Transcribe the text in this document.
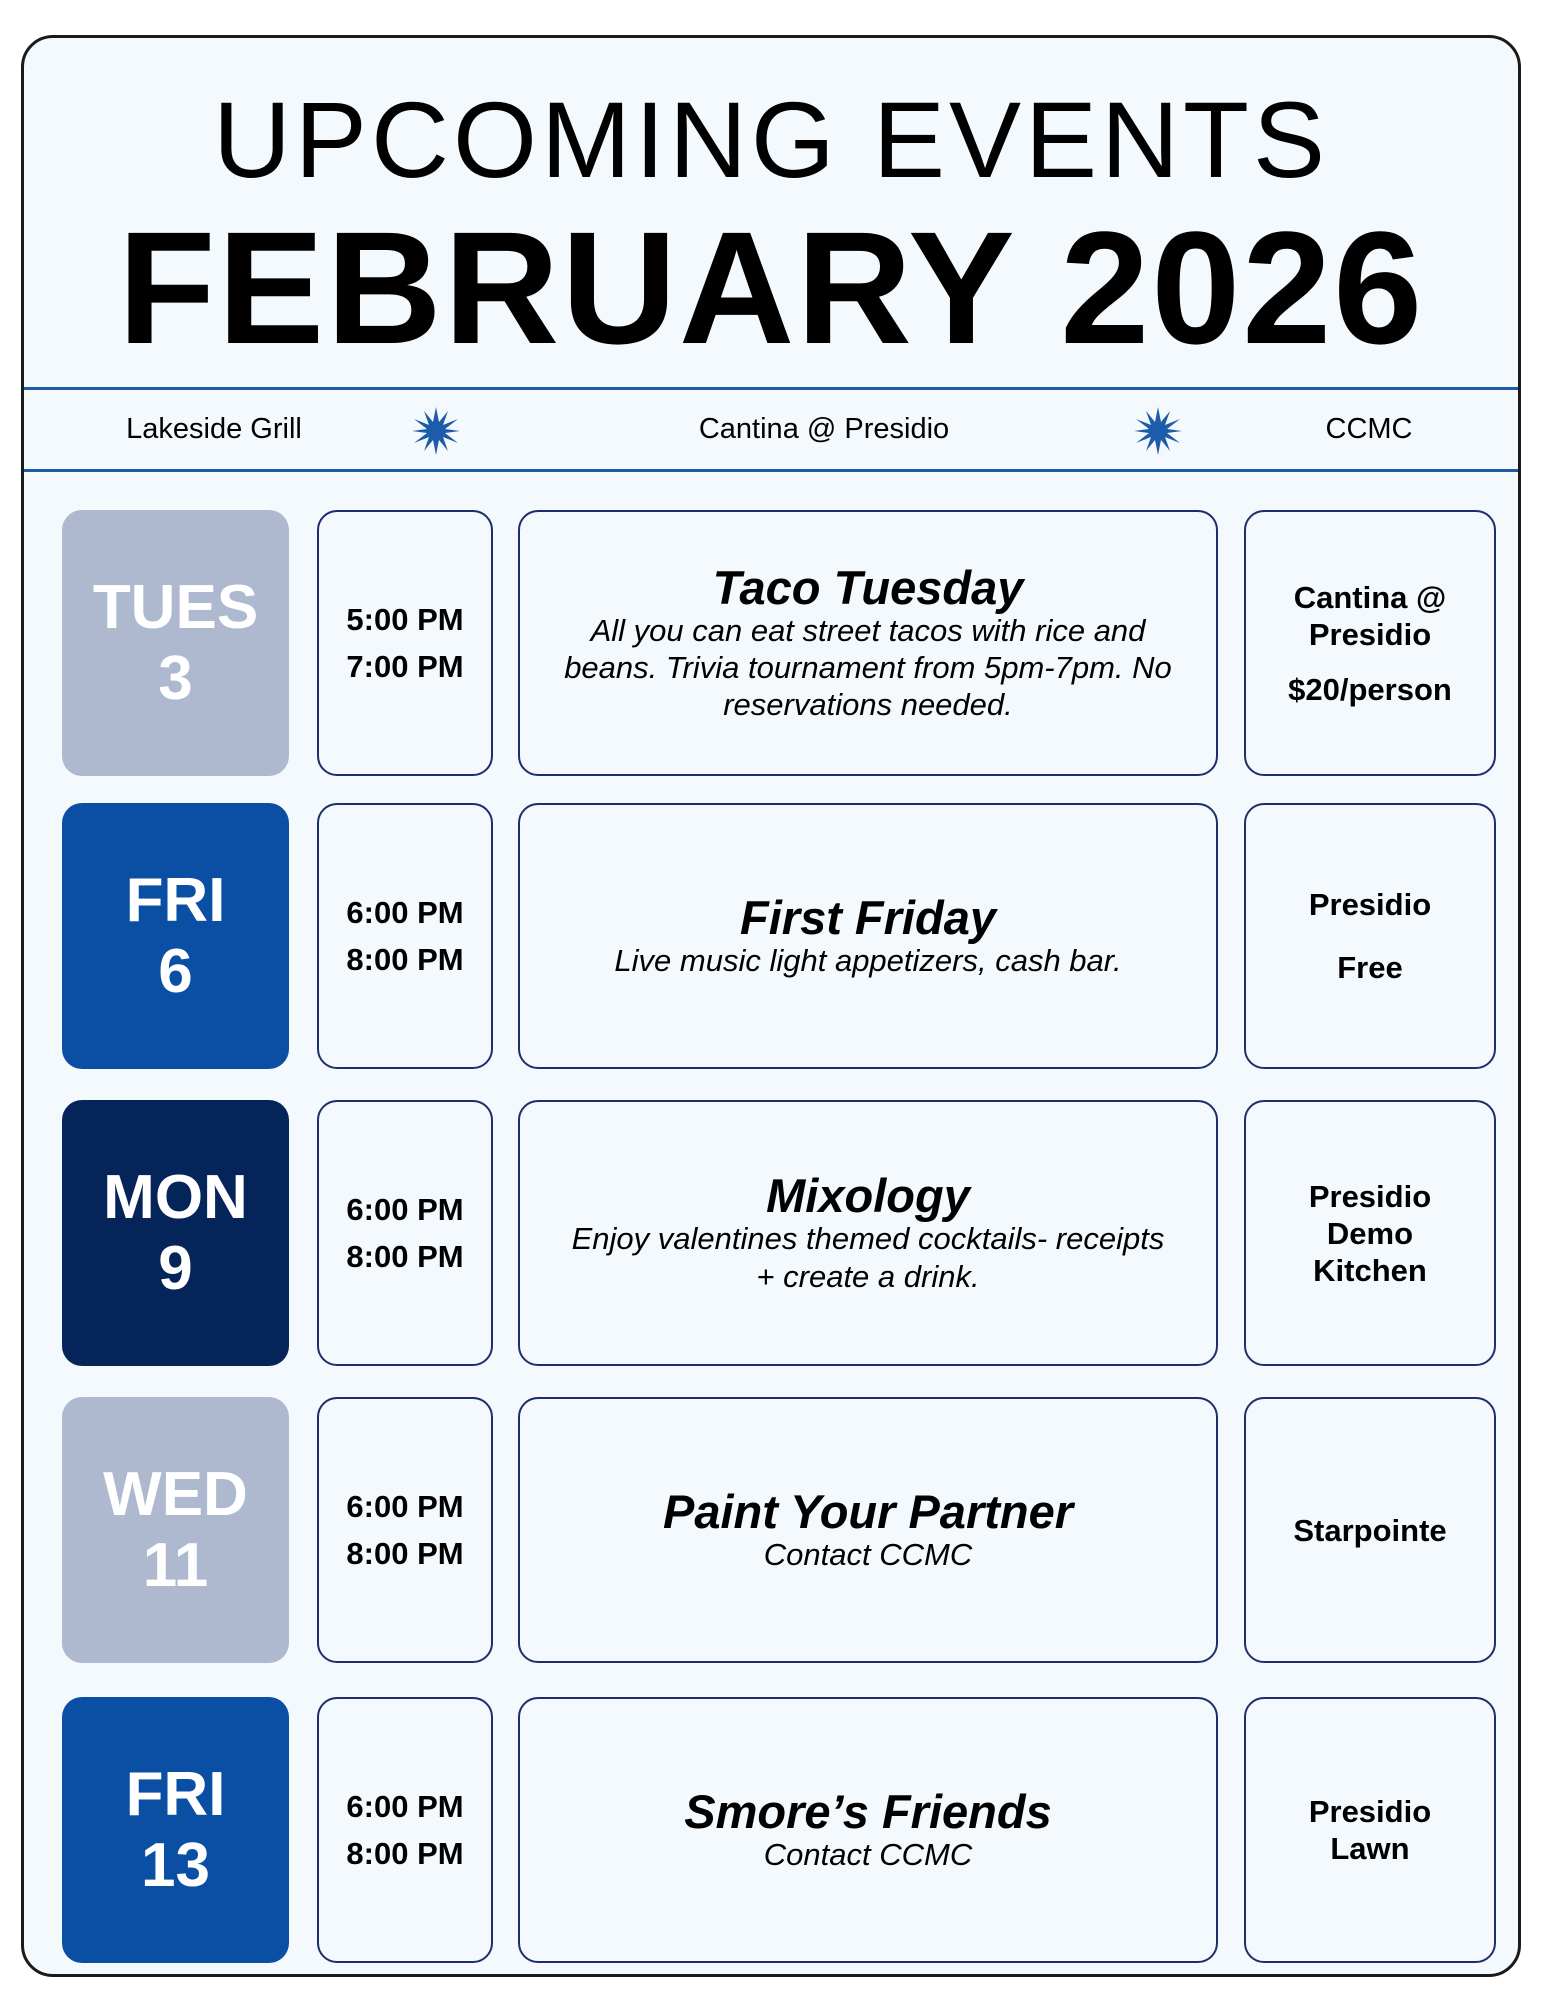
UPCOMING EVENTS
FEBRUARY 2026
Lakeside Grill	Cantina @ Presidio	CCMC
TUES
3
5:00 PM
7:00 PM
Taco Tuesday
All you can eat street tacos with rice and beans. Trivia tournament from 5pm-7pm. No reservations needed.
Cantina @ Presidio
$20/person
FRI
6
6:00 PM
8:00 PM
First Friday
Live music light appetizers, cash bar.
Presidio
Free
MON
9
6:00 PM
8:00 PM
Mixology
Enjoy valentines themed cocktails- receipts + create a drink.
Presidio Demo Kitchen
WED
11
6:00 PM
8:00 PM
Paint Your Partner
Contact CCMC
Starpointe
FRI
13
6:00 PM
8:00 PM
Smore’s Friends
Contact CCMC
Presidio Lawn
